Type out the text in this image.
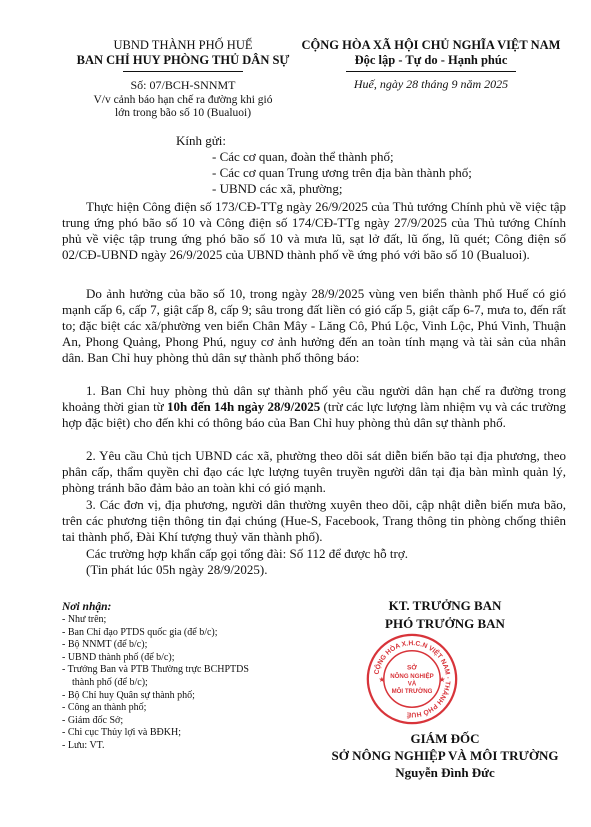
UBND THÀNH PHỐ HUẾ
BAN CHỈ HUY PHÒNG THỦ DÂN SỰ
Số: 07/BCH-SNNMT
V/v cảnh báo hạn chế ra đường khi gió
lớn trong bão số 10 (Bualuoi)
CỘNG HÒA XÃ HỘI CHỦ NGHĨA VIỆT NAM
Độc lập - Tự do - Hạnh phúc
Huế, ngày 28 tháng 9 năm 2025
Kính gửi:
- Các cơ quan, đoàn thể thành phố;
- Các cơ quan Trung ương trên địa bàn thành phố;
- UBND các xã, phường;
Thực hiện Công điện số 173/CĐ-TTg ngày 26/9/2025 của Thủ tướng Chính phủ về việc tập trung ứng phó bão số 10 và Công điện số 174/CĐ-TTg ngày 27/9/2025 của Thủ tướng Chính phủ về việc tập trung ứng phó bão số 10 và mưa lũ, sạt lở đất, lũ ống, lũ quét; Công điện số 02/CĐ-UBND ngày 26/9/2025 của UBND thành phố về ứng phó với bão số 10 (Bualuoi).
Do ảnh hưởng của bão số 10, trong ngày 28/9/2025 vùng ven biển thành phố Huế có gió mạnh cấp 6, cấp 7, giật cấp 8, cấp 9; sâu trong đất liền có gió cấp 5, giật cấp 6-7, mưa to, đến rất to; đặc biệt các xã/phường ven biển Chân Mây - Lăng Cô, Phú Lộc, Vinh Lộc, Phú Vinh, Thuận An, Phong Quảng, Phong Phú, nguy cơ ảnh hưởng đến an toàn tính mạng và tài sản của nhân dân. Ban Chỉ huy phòng thủ dân sự thành phố thông báo:
1. Ban Chỉ huy phòng thủ dân sự thành phố yêu cầu người dân hạn chế ra đường trong khoảng thời gian từ 10h đến 14h ngày 28/9/2025 (trừ các lực lượng làm nhiệm vụ và các trường hợp đặc biệt) cho đến khi có thông báo của Ban Chỉ huy phòng thủ dân sự thành phố.
2. Yêu cầu Chủ tịch UBND các xã, phường theo dõi sát diễn biến bão tại địa phương, theo phân cấp, thẩm quyền chỉ đạo các lực lượng tuyên truyền người dân tại địa bàn mình quản lý, phòng tránh bão đảm bảo an toàn khi có gió mạnh.
3. Các đơn vị, địa phương, người dân thường xuyên theo dõi, cập nhật diễn biến mưa bão, trên các phương tiện thông tin đại chúng (Hue-S, Facebook, Trang thông tin phòng chống thiên tai thành phố, Đài Khí tượng thuỷ văn thành phố).
Các trường hợp khẩn cấp gọi tổng đài: Số 112 để được hỗ trợ.
(Tin phát lúc 05h ngày 28/9/2025).
Nơi nhận:
- Như trên;
- Ban Chỉ đạo PTDS quốc gia (để b/c);
- Bộ NNMT (để b/c);
- UBND thành phố (để b/c);
- Trưởng Ban và PTB Thường trực BCHPTDS
thành phố (để b/c);
- Bộ Chỉ huy Quân sự thành phố;
- Công an thành phố;
- Giám đốc Sở;
- Chi cục Thủy lợi và BĐKH;
- Lưu: VT.
KT. TRƯỞNG BAN
PHÓ TRƯỞNG BAN
CỘNG HÒA X.H.C.N VIỆT NAM · THÀNH PHỐ HUẾ
SỞ
NÔNG NGHIỆP
VÀ
MÔI TRƯỜNG
★	★
GIÁM ĐỐC
SỞ NÔNG NGHIỆP VÀ MÔI TRƯỜNG
Nguyễn Đình Đức
